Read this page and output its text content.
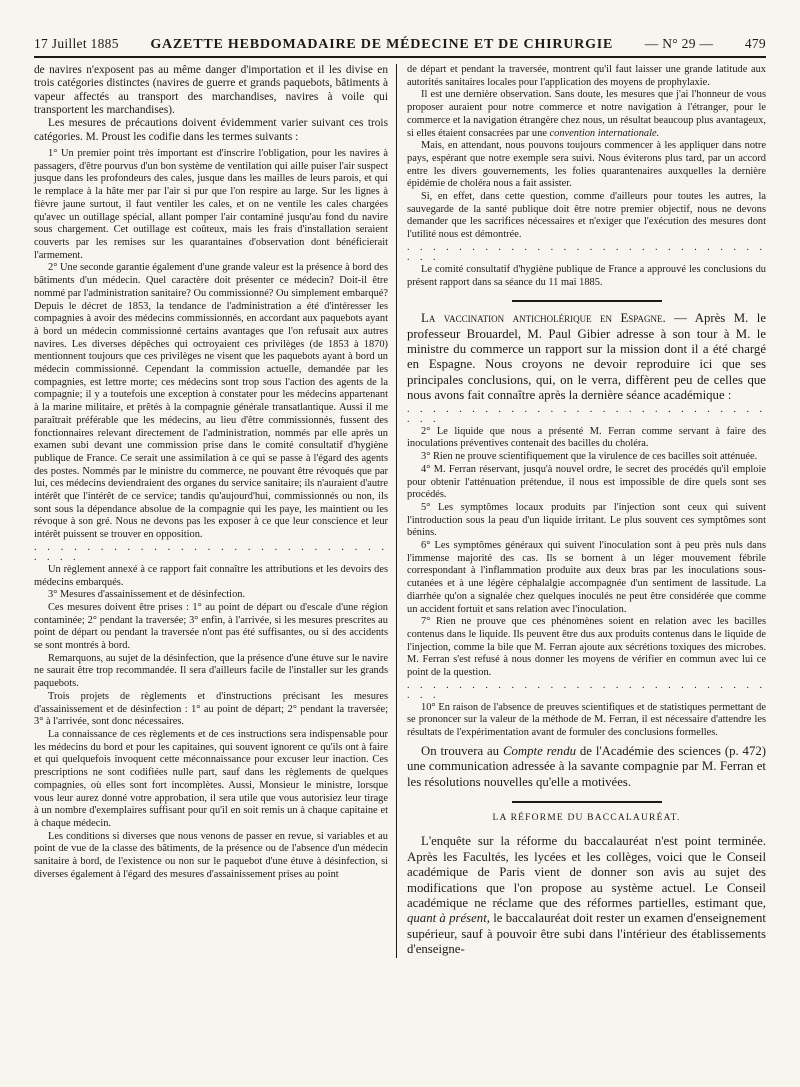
17 Juillet 1885 GAZETTE HEBDOMADAIRE DE MÉDECINE ET DE CHIRURGIE — N° 29 — 479

de navires n'exposent pas au même danger d'importation et il les divise en trois catégories distinctes (navires de guerre et grands paquebots, bâtiments à vapeur affectés au transport des marchandises, navires à voile qui transportent les marchandises).

Les mesures de précautions doivent évidemment varier suivant ces trois catégories. M. Proust les codifie dans les termes suivants :

1° Un premier point très important est d'inscrire l'obligation, pour les navires à passagers, d'être pourvus d'un bon système de ventilation qui aille puiser l'air suspect jusque dans les profondeurs des cales, jusque dans les mailles de leurs parois, et qui le remplace à la hâte mer par l'air si pur que l'on respire au large. Sur les lignes à fièvre jaune surtout, il faut ventiler les cales, et on ne ventile les cales chargées qu'avec un outillage spécial, allant pomper l'air contaminé jusqu'au fond du navire sous chargement. Cet outillage est coûteux, mais les frais d'installation seraient couverts par les remises sur les quarantaines d'observation dont bénéficierait l'armement.

2° Une seconde garantie également d'une grande valeur est la présence à bord des bâtiments d'un médecin. Quel caractère doit présenter ce médecin? Doit-il être nommé par l'administration sanitaire? Ou commissionné? Ou simplement embarqué? Depuis le décret de 1853, la tendance de l'administration a été d'intéresser les compagnies à avoir des médecins commissionnés, en accordant aux paquebots ayant à bord un médecin commissionné certains avantages que l'on refusait aux autres navires. Les diverses dépêches qui octroyaient ces privilèges (de 1853 à 1870) mentionnent toujours que ces privilèges ne visent que les paquebots ayant à bord un médecin commissionné. Cependant la commission actuelle, demandée par les compagnies, est lettre morte; ces médecins sont trop sous l'action des agents de la compagnie; il y a toutefois une exception à constater pour les médecins appartenant à la marine militaire, et prêtés à la compagnie générale transatlantique. Aussi il me paraîtrait préférable que les médecins, au lieu d'être commissionnés, fussent des fonctionnaires relevant directement de l'administration, nommés par elle après un examen subi devant une commission prise dans le comité consultatif d'hygiène publique de France. Ce serait une assimilation à ce qui se passe à l'égard des agents des postes. Nommés par le ministre du commerce, ne pouvant être révoqués que par lui, ces médecins deviendraient des organes du service sanitaire; ils n'auraient d'autre intérêt que l'intérêt de ce service; tandis qu'aujourd'hui, commissionnés ou non, ils sont sous la dépendance absolue de la compagnie qui les paye, les maintient ou les révoque à son gré. Nous ne devons pas les exposer à ce que leur conscience et leur intérêt puissent se trouver en opposition.

. . . . . . . . . . . . . . . . . . . . . . . . . . . . . . .

Un règlement annexé à ce rapport fait connaître les attributions et les devoirs des médecins embarqués.

3° Mesures d'assainissement et de désinfection.

Ces mesures doivent être prises : 1° au point de départ ou d'escale d'une région contaminée; 2° pendant la traversée; 3° enfin, à l'arrivée, si les mesures prescrites au point de départ ou pendant la traversée n'ont pas été suffisantes, ou si des accidents se sont montrés à bord.

Remarquons, au sujet de la désinfection, que la présence d'une étuve sur le navire ne saurait être trop recommandée. Il sera d'ailleurs facile de l'installer sur les grands paquebots.

Trois projets de règlements et d'instructions précisant les mesures d'assainissement et de désinfection : 1° au point de départ; 2° pendant la traversée; 3° à l'arrivée, sont donc nécessaires.

La connaissance de ces règlements et de ces instructions sera indispensable pour les médecins du bord et pour les capitaines, qui souvent ignorent ce qu'ils ont à faire et qui quelquefois invoquent cette méconnaissance pour excuser leur inaction. Ces prescriptions ne sont codifiées nulle part, sauf dans les règlements de quelques compagnies, où elles sont fort incomplètes. Aussi, Monsieur le ministre, lorsque vous leur aurez donné votre approbation, il sera utile que vous autorisiez leur tirage à un nombre d'exemplaires suffisant pour qu'il en soit remis un à chaque capitaine et à chaque médecin.

Les conditions si diverses que nous venons de passer en revue, si variables et au point de vue de la classe des bâtiments, de la présence ou de l'absence d'un médecin sanitaire à bord, de l'existence ou non sur le paquebot d'une étuve à désinfection, si diverses également à l'égard des mesures d'assainissement prises au point

de départ et pendant la traversée, montrent qu'il faut laisser une grande latitude aux autorités sanitaires locales pour l'application des moyens de prophylaxie.

Il est une dernière observation. Sans doute, les mesures que j'ai l'honneur de vous proposer auraient pour notre commerce et notre navigation à l'étranger, pour le commerce et la navigation étrangère chez nous, un résultat beaucoup plus avantageux, si elles étaient consacrées par une convention internationale.

Mais, en attendant, nous pouvons toujours commencer à les appliquer dans notre pays, espérant que notre exemple sera suivi. Nous éviterons plus tard, par un accord entre les divers gouvernements, les folies quarantenaires auxquelles la dernière épidémie de choléra nous a fait assister.

Si, en effet, dans cette question, comme d'ailleurs pour toutes les autres, la sauvegarde de la santé publique doit être notre premier objectif, nous ne devons demander que les sacrifices nécessaires et n'exiger que l'exécution des mesures dont l'utilité nous est démontrée.

. . . . . . . . . . . . . . . . . . . . . . . . . . . . . . .

Le comité consultatif d'hygiène publique de France a approuvé les conclusions du présent rapport dans sa séance du 11 mai 1885.

La vaccination anticholérique en Espagne. — Après M. le professeur Brouardel, M. Paul Gibier adresse à son tour à M. le ministre du commerce un rapport sur la mission dont il a été chargé en Espagne. Nous croyons ne devoir reproduire ici que ses principales conclusions, qui, on le verra, diffèrent peu de celles que nous avons fait connaître après la dernière séance académique :

. . . . . . . . . . . . . . . . . . . . . . . . . . . . . . .

2° Le liquide que nous a présenté M. Ferran comme servant à faire des inoculations préventives contenait des bacilles du choléra.

3° Rien ne prouve scientifiquement que la virulence de ces bacilles soit atténuée.

4° M. Ferran réservant, jusqu'à nouvel ordre, le secret des procédés qu'il emploie pour obtenir l'atténuation prétendue, il nous est impossible de dire quels sont ses procédés.

5° Les symptômes locaux produits par l'injection sont ceux qui suivent l'introduction sous la peau d'un liquide irritant. Le plus souvent ces symptômes sont bénins.

6° Les symptômes généraux qui suivent l'inoculation sont à peu près nuls dans l'immense majorité des cas. Ils se bornent à un léger mouvement fébrile correspondant à l'inflammation produite aux deux bras par les inoculations sous-cutanées et à une légère céphalalgie accompagnée d'un sentiment de lassitude. La diarrhée qu'on a signalée chez quelques inoculés ne peut être considérée que comme un accident fortuit et sans relation avec l'inoculation.

7° Rien ne prouve que ces phénomènes soient en relation avec les bacilles contenus dans le liquide. Ils peuvent être dus aux produits contenus dans le liquide de l'injection, comme la bile que M. Ferran ajoute aux sécrétions toxiques des microbes. M. Ferran s'est refusé à nous donner les moyens de vérifier en commun avec lui ce point de la question.

. . . . . . . . . . . . . . . . . . . . . . . . . . . . . . .

10° En raison de l'absence de preuves scientifiques et de statistiques permettant de se prononcer sur la valeur de la méthode de M. Ferran, il est nécessaire d'attendre les résultats de l'expérimentation avant de formuler des conclusions formelles.

On trouvera au Compte rendu de l'Académie des sciences (p. 472) une communication adressée à la savante compagnie par M. Ferran et les résolutions nouvelles qu'elle a motivées.

LA RÉFORME DU BACCALAURÉAT.

L'enquête sur la réforme du baccalauréat n'est point terminée. Après les Facultés, les lycées et les collèges, voici que le Conseil académique de Paris vient de donner son avis au sujet des modifications que l'on propose au système actuel. Le Conseil académique ne réclame que des réformes partielles, estimant que, quant à présent, le baccalauréat doit rester un examen d'enseignement supérieur, sauf à pouvoir être subi dans l'intérieur des établissements d'enseigne-
